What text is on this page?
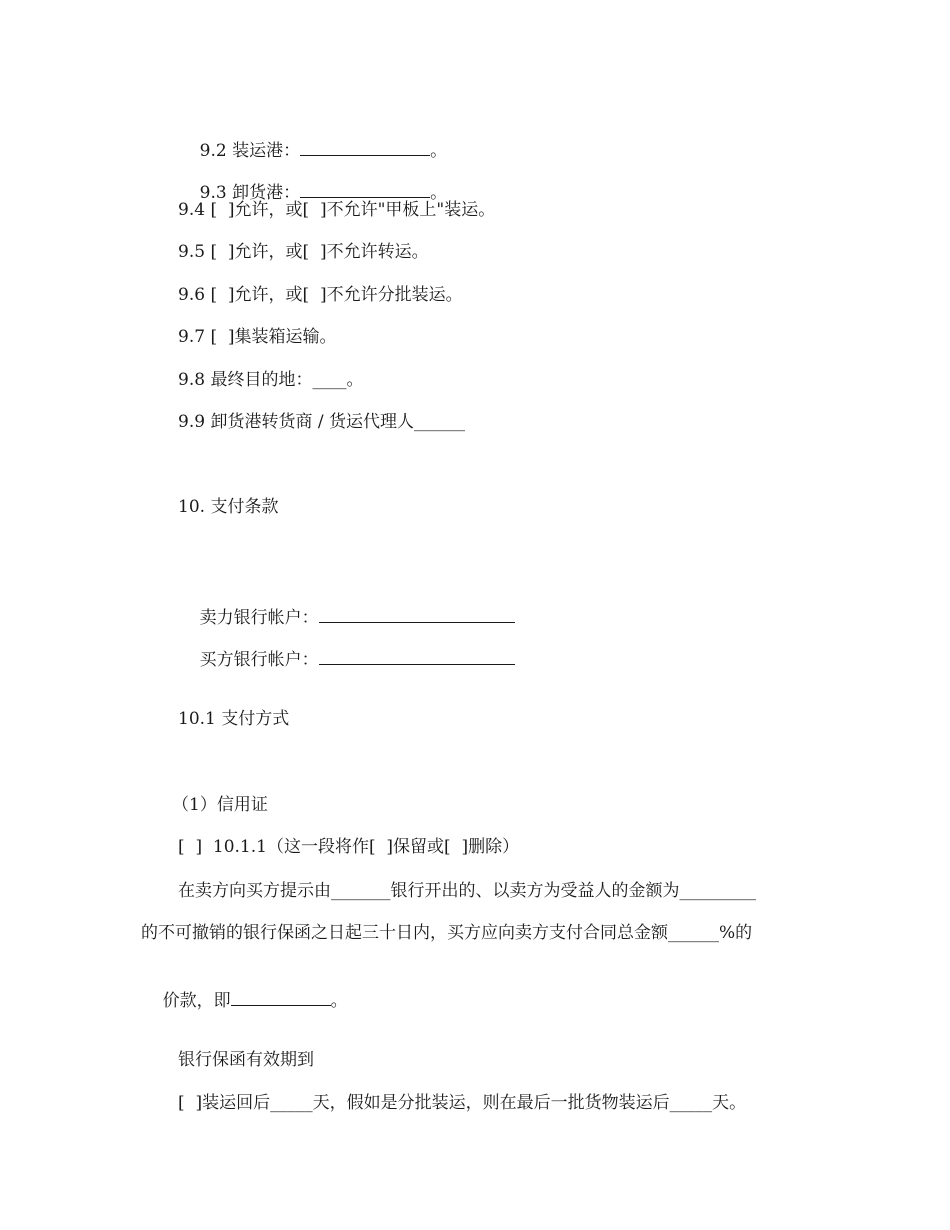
9.2 装运港：	。

9.3 卸货港：	。

9.4 [  ]允许，或[  ]不允许"甲板上"装运。
9.5 [  ]允许，或[  ]不允许转运。
9.6 [  ]允许，或[  ]不允许分批装运。
9.7 [  ]集装箱运输。
9.8 最终目的地：____。
9.9 卸货港转货商 / 货运代理人______
10. 支付条款

卖力银行帐户：

买方银行帐户：

10.1 支付方式
（1）信用证
[  ]  10.1.1（这一段将作[  ]保留或[  ]删除）
在卖方向买方提示由_______银行开出的、以卖方为受益人的金额为_________
的不可撤销的银行保函之日起三十日内，买方应向卖方支付合同总金额______%的

价款，即	。

银行保函有效期到
[  ]装运回后_____天，假如是分批装运，则在最后一批货物装运后_____天。
